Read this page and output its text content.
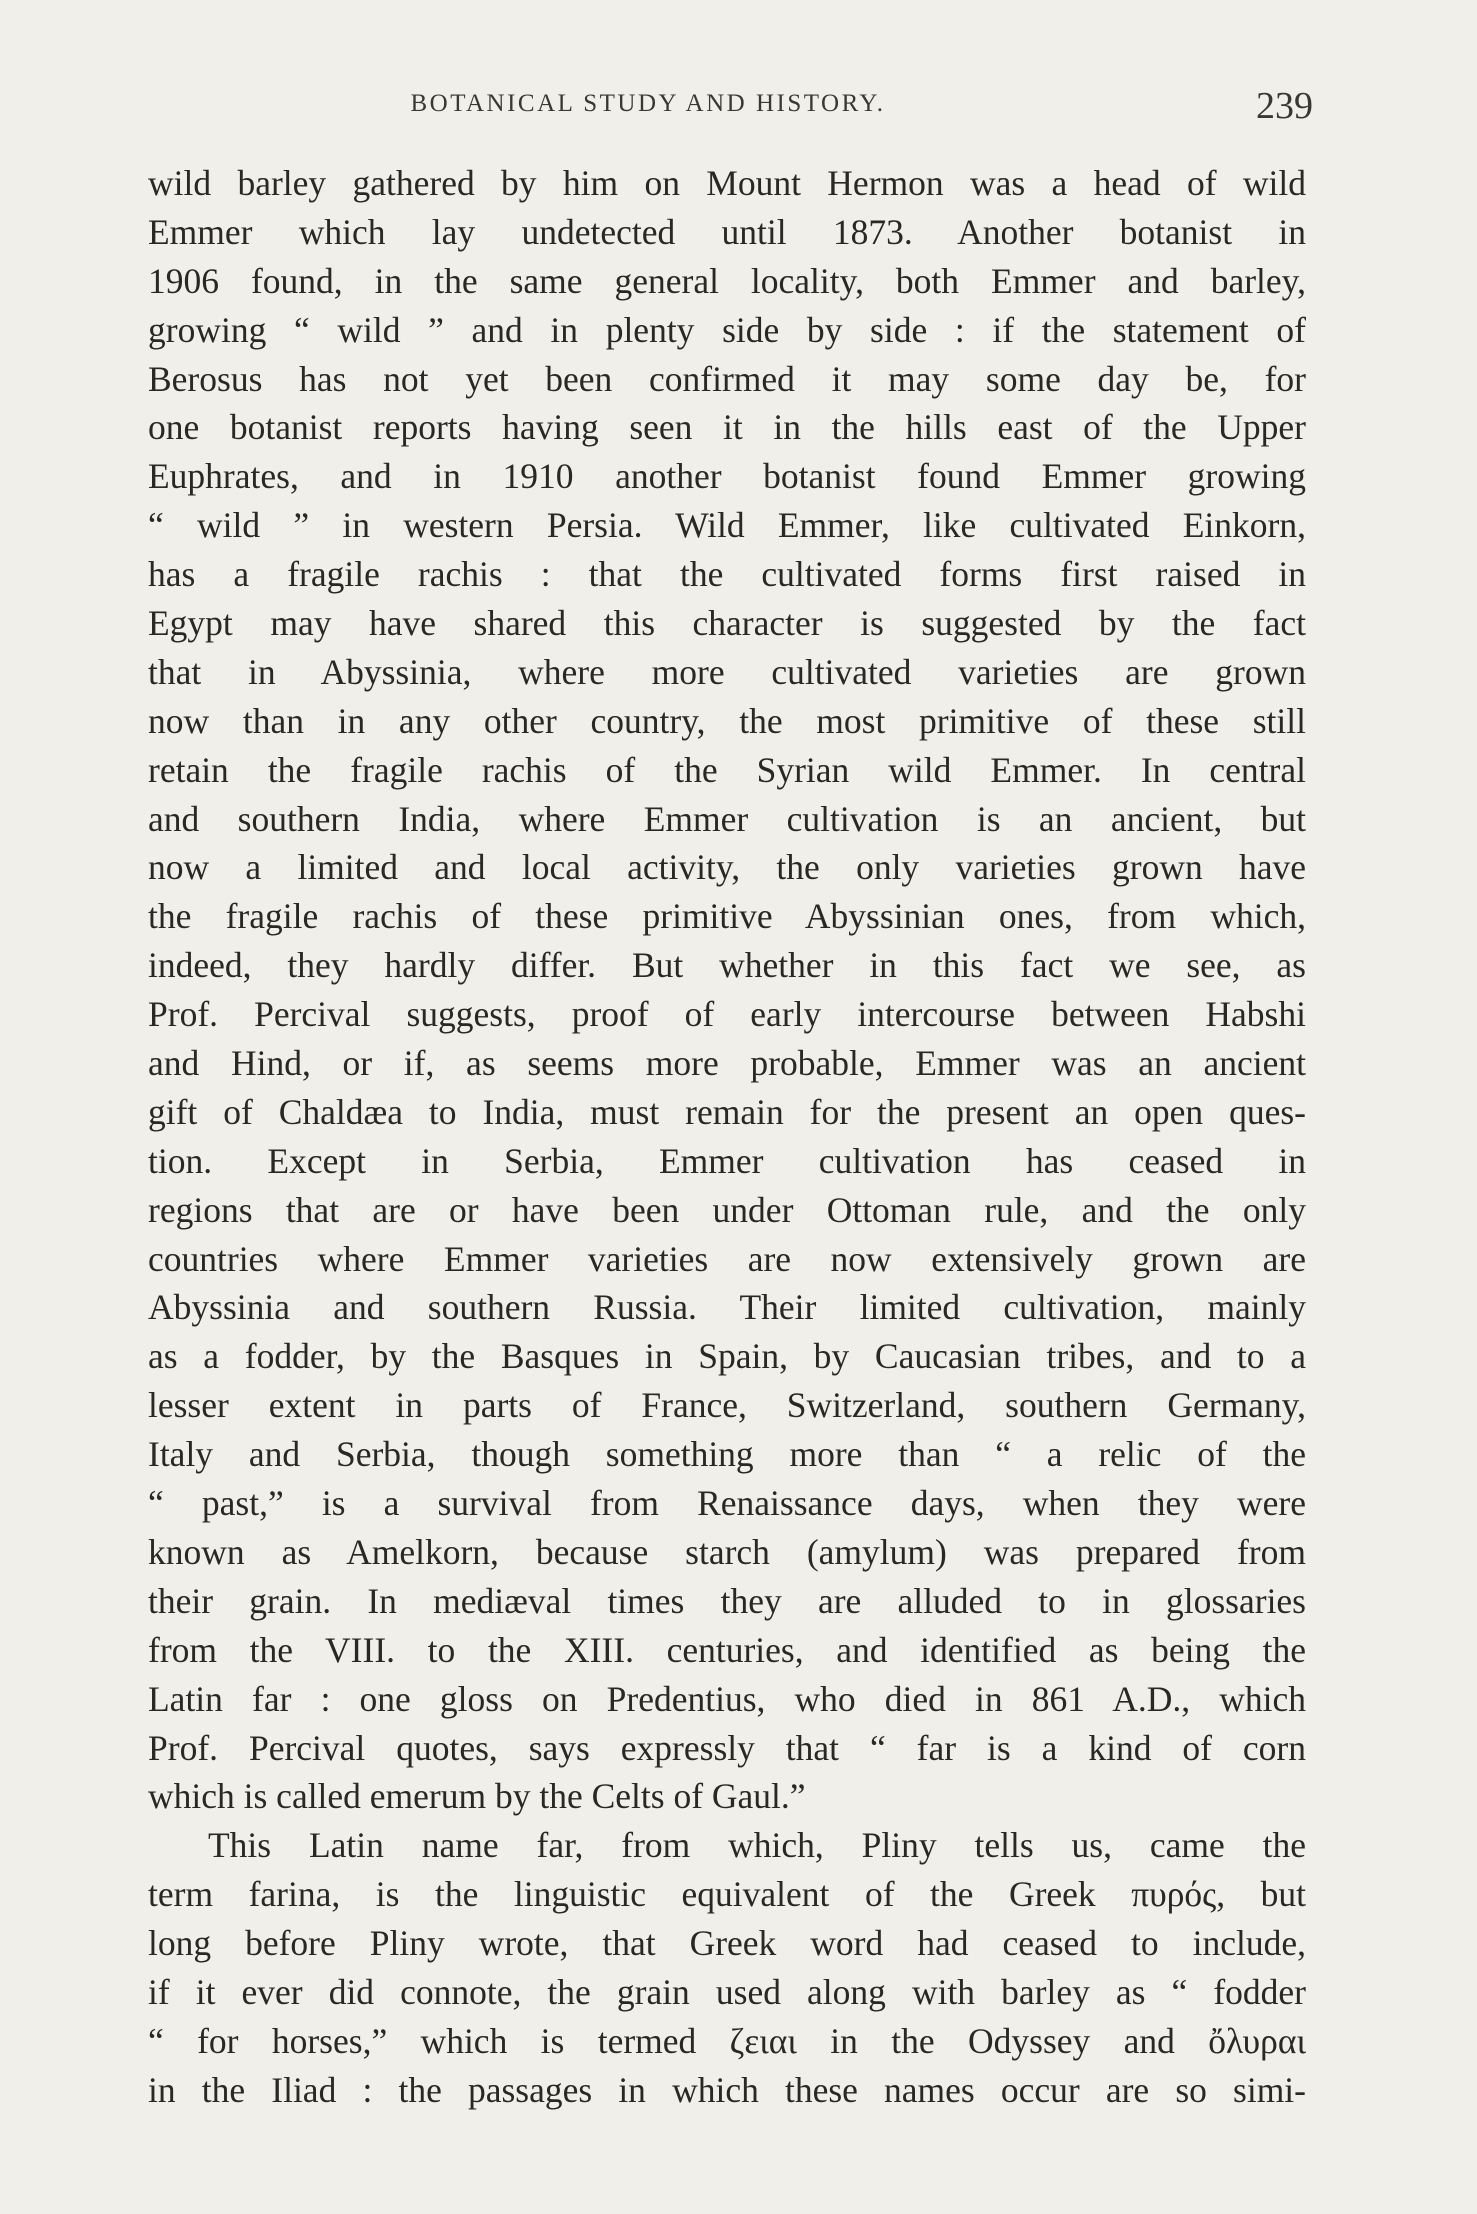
BOTANICAL STUDY AND HISTORY.	239
wild barley gathered by him on Mount Hermon was a head of wild
Emmer which lay undetected until 1873. Another botanist in
1906 found, in the same general locality, both Emmer and barley,
growing “ wild ” and in plenty side by side : if the statement of
Berosus has not yet been confirmed it may some day be, for
one botanist reports having seen it in the hills east of the Upper
Euphrates, and in 1910 another botanist found Emmer growing
“ wild ” in western Persia. Wild Emmer, like cultivated Einkorn,
has a fragile rachis : that the cultivated forms first raised in
Egypt may have shared this character is suggested by the fact
that in Abyssinia, where more cultivated varieties are grown
now than in any other country, the most primitive of these still
retain the fragile rachis of the Syrian wild Emmer. In central
and southern India, where Emmer cultivation is an ancient, but
now a limited and local activity, the only varieties grown have
the fragile rachis of these primitive Abyssinian ones, from which,
indeed, they hardly differ. But whether in this fact we see, as
Prof. Percival suggests, proof of early intercourse between Habshi
and Hind, or if, as seems more probable, Emmer was an ancient
gift of Chaldæa to India, must remain for the present an open ques-
tion. Except in Serbia, Emmer cultivation has ceased in
regions that are or have been under Ottoman rule, and the only
countries where Emmer varieties are now extensively grown are
Abyssinia and southern Russia. Their limited cultivation, mainly
as a fodder, by the Basques in Spain, by Caucasian tribes, and to a
lesser extent in parts of France, Switzerland, southern Germany,
Italy and Serbia, though something more than “ a relic of the
“ past,” is a survival from Renaissance days, when they were
known as Amelkorn, because starch (amylum) was prepared from
their grain. In mediæval times they are alluded to in glossaries
from the VIII. to the XIII. centuries, and identified as being the
Latin far : one gloss on Predentius, who died in 861 A.D., which
Prof. Percival quotes, says expressly that “ far is a kind of corn
which is called emerum by the Celts of Gaul.”
This Latin name far, from which, Pliny tells us, came the
term farina, is the linguistic equivalent of the Greek πυρός, but
long before Pliny wrote, that Greek word had ceased to include,
if it ever did connote, the grain used along with barley as “ fodder
“ for horses,” which is termed ζειαι in the Odyssey and ὄλυραι
in the Iliad : the passages in which these names occur are so simi-
